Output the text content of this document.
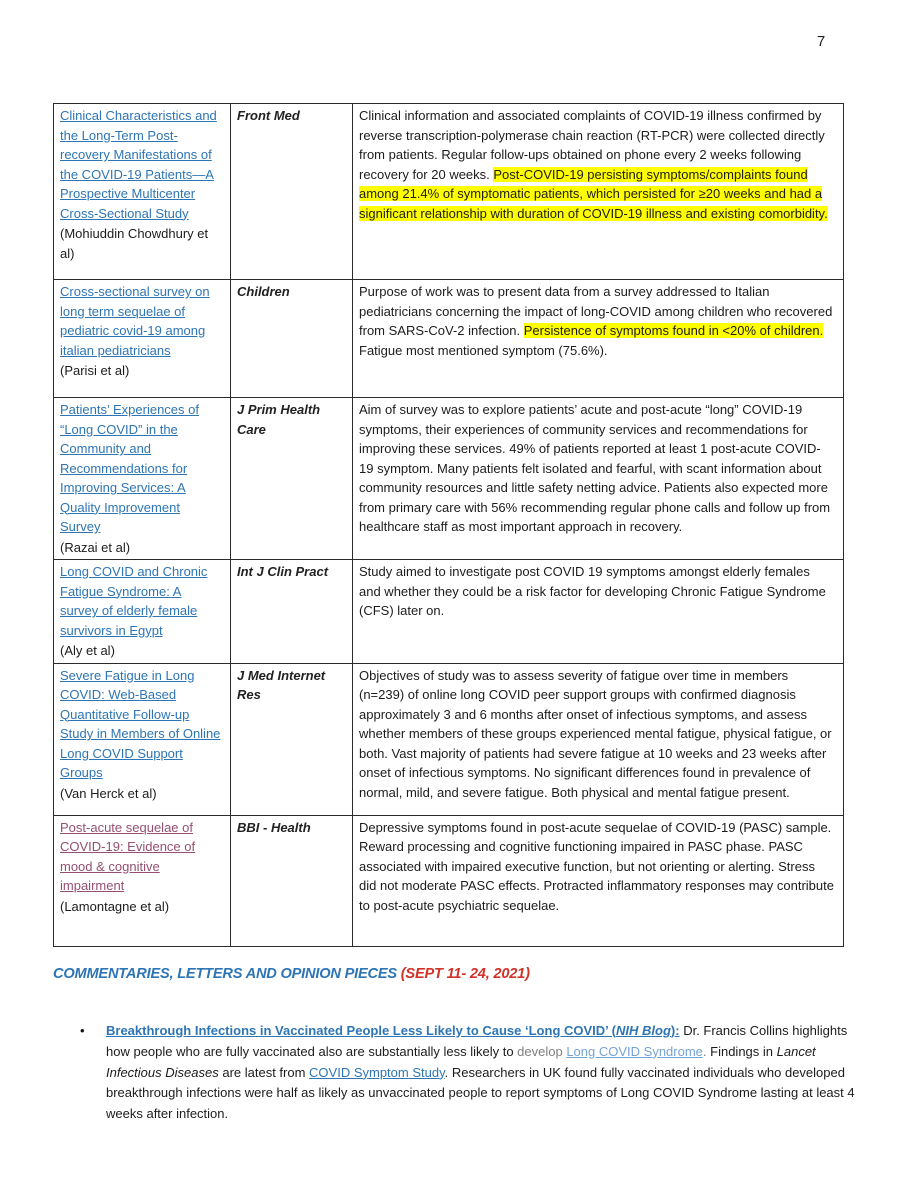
7
Clinical Characteristics and the Long-Term Post-recovery Manifestations of the COVID-19 Patients—A Prospective Multicenter Cross-Sectional Study
(Mohiuddin Chowdhury et al)	Front Med	Clinical information and associated complaints of COVID-19 illness confirmed by reverse transcription-polymerase chain reaction (RT-PCR) were collected directly from patients. Regular follow-ups obtained on phone every 2 weeks following recovery for 20 weeks. Post-COVID-19 persisting symptoms/complaints found among 21.4% of symptomatic patients, which persisted for ≥20 weeks and had a significant relationship with duration of COVID-19 illness and existing comorbidity.
Cross-sectional survey on long term sequelae of pediatric covid-19 among italian pediatricians
(Parisi et al)	Children	Purpose of work was to present data from a survey addressed to Italian pediatricians concerning the impact of long-COVID among children who recovered from SARS-CoV-2 infection. Persistence of symptoms found in <20% of children. Fatigue most mentioned symptom (75.6%).
Patients’ Experiences of “Long COVID” in the Community and Recommendations for Improving Services: A Quality Improvement Survey
(Razai et al)	J Prim Health Care	Aim of survey was to explore patients’ acute and post-acute “long” COVID-19 symptoms, their experiences of community services and recommendations for improving these services. 49% of patients reported at least 1 post-acute COVID-19 symptom. Many patients felt isolated and fearful, with scant information about community resources and little safety netting advice. Patients also expected more from primary care with 56% recommending regular phone calls and follow up from healthcare staff as most important approach in recovery.
Long COVID and Chronic Fatigue Syndrome: A survey of elderly female survivors in Egypt
(Aly et al)	Int J Clin Pract	Study aimed to investigate post COVID 19 symptoms amongst elderly females and whether they could be a risk factor for developing Chronic Fatigue Syndrome (CFS) later on.
Severe Fatigue in Long COVID: Web-Based Quantitative Follow-up Study in Members of Online Long COVID Support Groups
(Van Herck et al)	J Med Internet Res	Objectives of study was to assess severity of fatigue over time in members (n=239) of online long COVID peer support groups with confirmed diagnosis approximately 3 and 6 months after onset of infectious symptoms, and assess whether members of these groups experienced mental fatigue, physical fatigue, or both. Vast majority of patients had severe fatigue at 10 weeks and 23 weeks after onset of infectious symptoms. No significant differences found in prevalence of normal, mild, and severe fatigue. Both physical and mental fatigue present.
Post-acute sequelae of COVID-19: Evidence of mood & cognitive impairment
(Lamontagne et al)	BBI - Health	Depressive symptoms found in post-acute sequelae of COVID-19 (PASC) sample. Reward processing and cognitive functioning impaired in PASC phase. PASC associated with impaired executive function, but not orienting or alerting. Stress did not moderate PASC effects. Protracted inflammatory responses may contribute to post-acute psychiatric sequelae.
COMMENTARIES, LETTERS AND OPINION PIECES (SEPT 11- 24, 2021)
•	Breakthrough Infections in Vaccinated People Less Likely to Cause ‘Long COVID’ (NIH Blog): Dr. Francis Collins highlights how people who are fully vaccinated also are substantially less likely to develop Long COVID Syndrome. Findings in Lancet Infectious Diseases are latest from COVID Symptom Study. Researchers in UK found fully vaccinated individuals who developed breakthrough infections were half as likely as unvaccinated people to report symptoms of Long COVID Syndrome lasting at least 4 weeks after infection.
